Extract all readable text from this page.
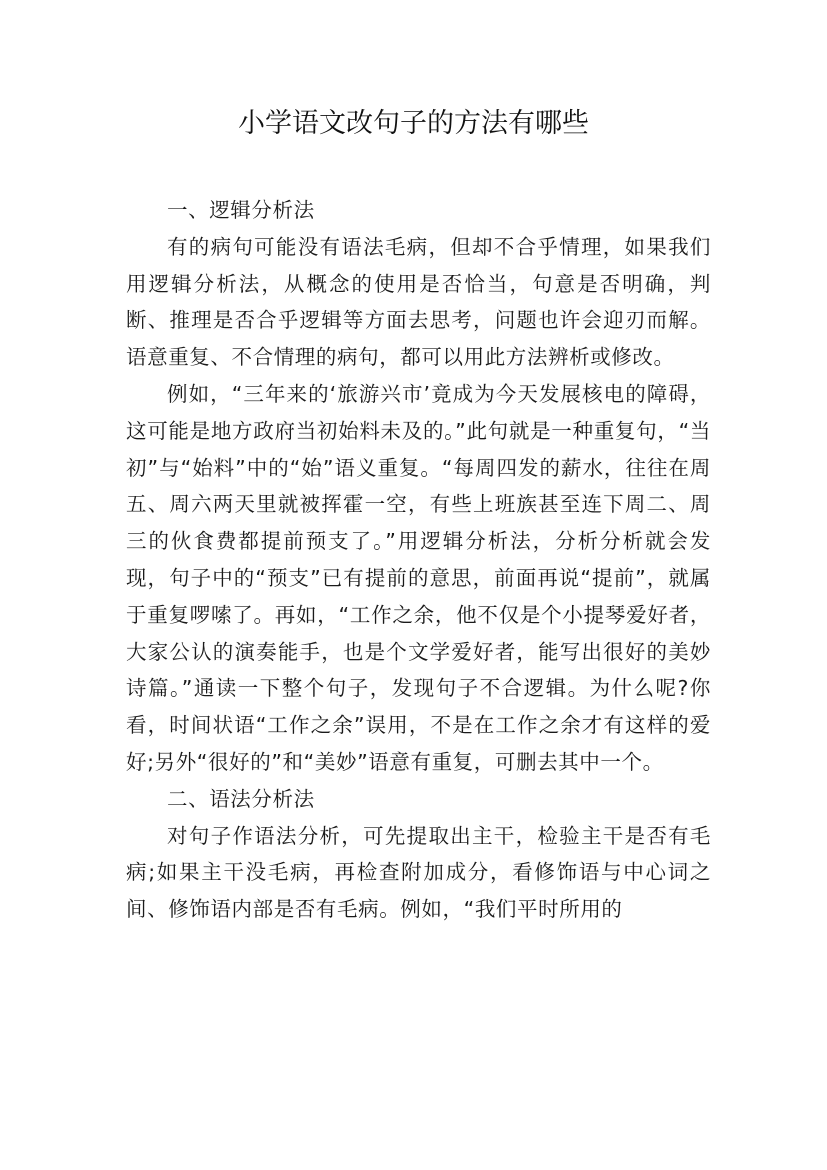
小学语文改句子的方法有哪些

一、逻辑分析法

有的病句可能没有语法毛病，但却不合乎情理，如果我们用逻辑分析法，从概念的使用是否恰当，句意是否明确，判断、推理是否合乎逻辑等方面去思考，问题也许会迎刃而解。语意重复、不合情理的病句，都可以用此方法辨析或修改。

例如，“三年来的‘旅游兴市’竟成为今天发展核电的障碍，这可能是地方政府当初始料未及的。”此句就是一种重复句，“当初”与“始料”中的“始”语义重复。“每周四发的薪水，往往在周五、周六两天里就被挥霍一空，有些上班族甚至连下周二、周三的伙食费都提前预支了。”用逻辑分析法，分析分析就会发现，句子中的“预支”已有提前的意思，前面再说“提前”，就属于重复啰嗦了。再如，“工作之余，他不仅是个小提琴爱好者，大家公认的演奏能手，也是个文学爱好者，能写出很好的美妙诗篇。”通读一下整个句子，发现句子不合逻辑。为什么呢?你看，时间状语“工作之余”误用，不是在工作之余才有这样的爱好;另外“很好的”和“美妙”语意有重复，可删去其中一个。

二、语法分析法

对句子作语法分析，可先提取出主干，检验主干是否有毛病;如果主干没毛病，再检查附加成分，看修饰语与中心词之间、修饰语内部是否有毛病。例如，“我们平时所用的
